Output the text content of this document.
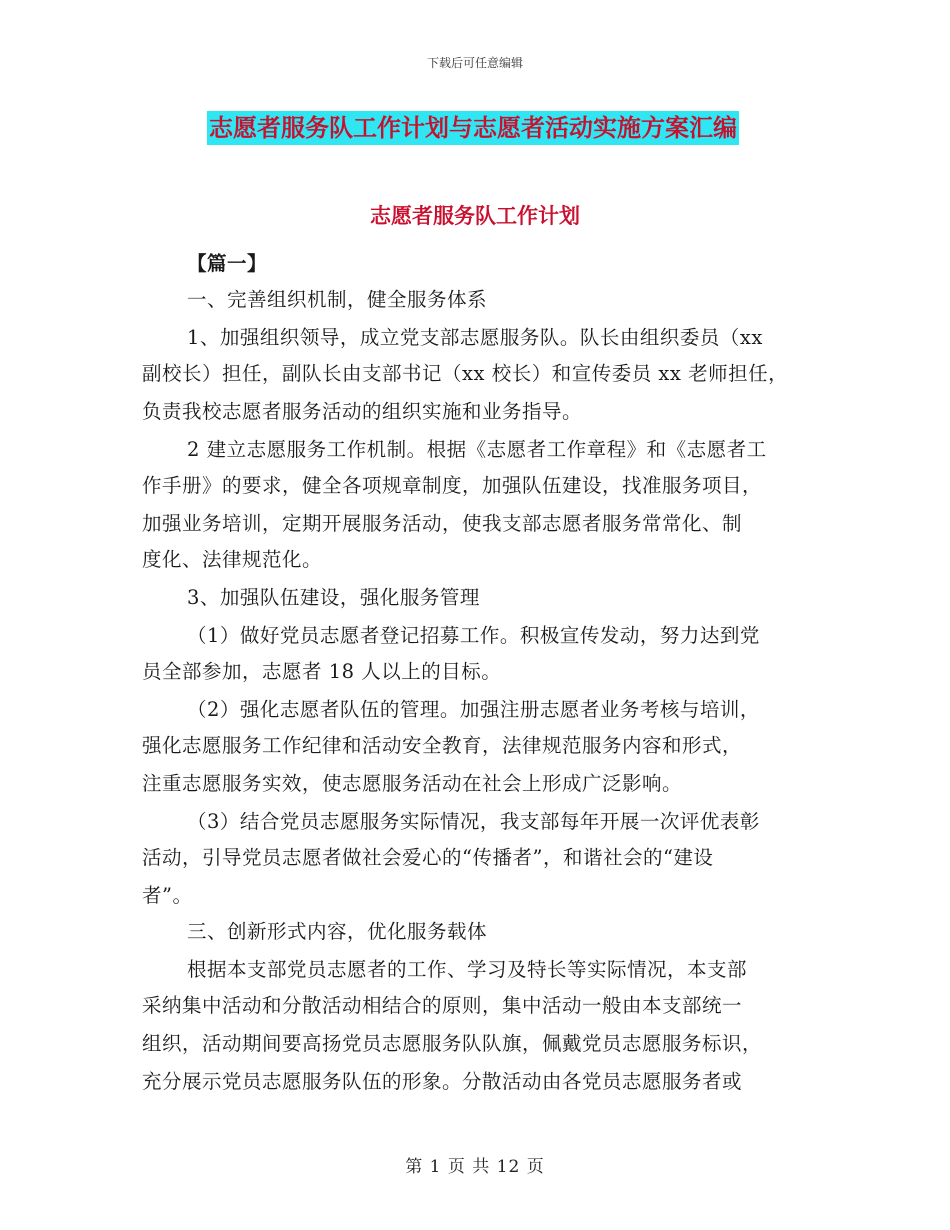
下载后可任意编辑
志愿者服务队工作计划与志愿者活动实施方案汇编
志愿者服务队工作计划
【篇一】
一、完善组织机制，健全服务体系
1、加强组织领导，成立党支部志愿服务队。队长由组织委员（xx
副校长）担任，副队长由支部书记（xx 校长）和宣传委员 xx 老师担任，
负责我校志愿者服务活动的组织实施和业务指导。
2 建立志愿服务工作机制。根据《志愿者工作章程》和《志愿者工
作手册》的要求，健全各项规章制度，加强队伍建设，找准服务项目，
加强业务培训，定期开展服务活动，使我支部志愿者服务常常化、制
度化、法律规范化。
3、加强队伍建设，强化服务管理
（1）做好党员志愿者登记招募工作。积极宣传发动，努力达到党
员全部参加，志愿者 18 人以上的目标。
（2）强化志愿者队伍的管理。加强注册志愿者业务考核与培训，
强化志愿服务工作纪律和活动安全教育，法律规范服务内容和形式，
注重志愿服务实效，使志愿服务活动在社会上形成广泛影响。
（3）结合党员志愿服务实际情况，我支部每年开展一次评优表彰
活动，引导党员志愿者做社会爱心的“传播者”，和谐社会的“建设
者”。
三、创新形式内容，优化服务载体
根据本支部党员志愿者的工作、学习及特长等实际情况，本支部
采纳集中活动和分散活动相结合的原则，集中活动一般由本支部统一
组织，活动期间要高扬党员志愿服务队队旗，佩戴党员志愿服务标识，
充分展示党员志愿服务队伍的形象。分散活动由各党员志愿服务者或
第 1 页 共 12 页
